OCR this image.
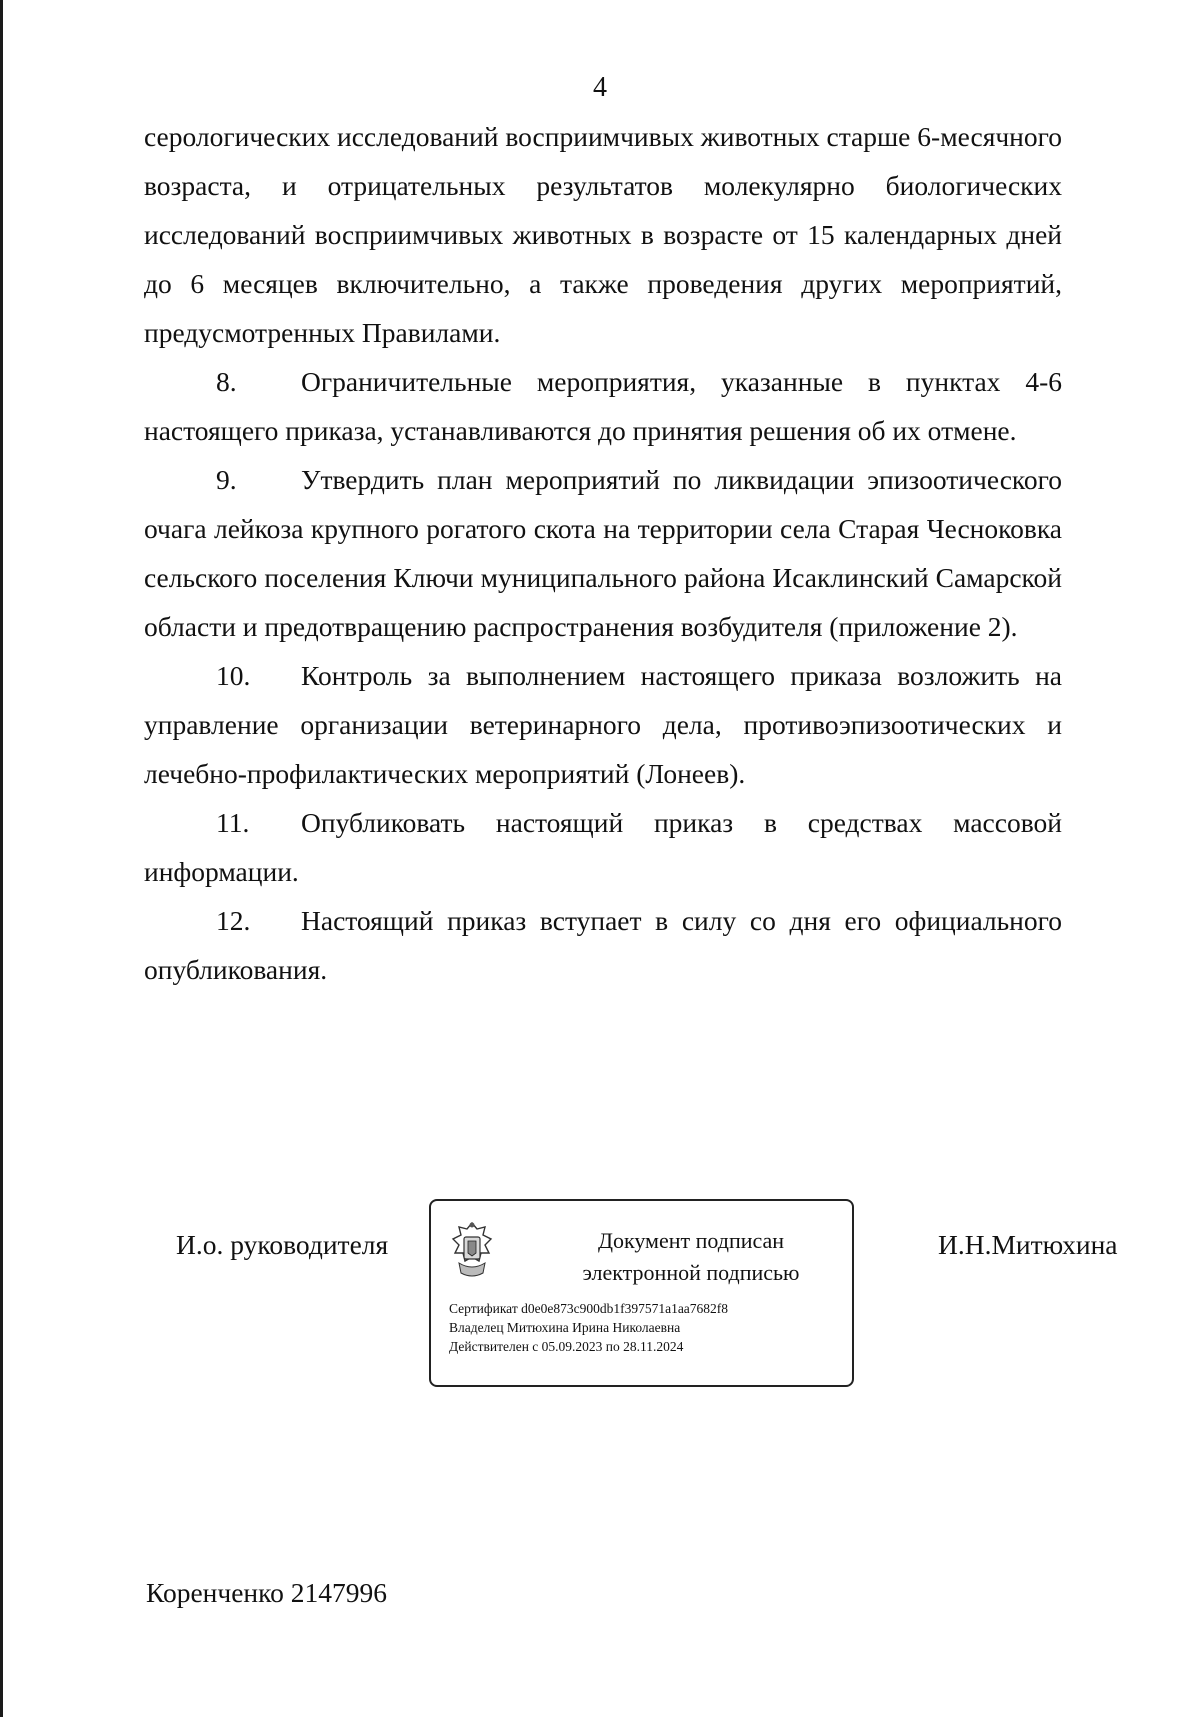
4

серологических исследований восприимчивых животных старше 6-месячного возраста, и отрицательных результатов молекулярно биологических исследований восприимчивых животных в возрасте от 15 календарных дней до 6 месяцев включительно, а также проведения других мероприятий, предусмотренных Правилами.

8. Ограничительные мероприятия, указанные в пунктах 4-6 настоящего приказа, устанавливаются до принятия решения об их отмене.

9. Утвердить план мероприятий по ликвидации эпизоотического очага лейкоза крупного рогатого скота на территории села Старая Чесноковка сельского поселения Ключи муниципального района Исаклинский Самарской области и предотвращению распространения возбудителя (приложение 2).

10. Контроль за выполнением настоящего приказа возложить на управление организации ветеринарного дела, противоэпизоотических и лечебно-профилактических мероприятий (Лонеев).

11. Опубликовать настоящий приказ в средствах массовой информации.

12. Настоящий приказ вступает в силу со дня его официального опубликования.

И.о. руководителя	Документ подписан
электронной подписью
Сертификат d0e0e873c900db1f397571a1aa7682f8
Владелец Митюхина Ирина Николаевна
Действителен с 05.09.2023 по 28.11.2024
И.Н.Митюхина
Коренченко 2147996
